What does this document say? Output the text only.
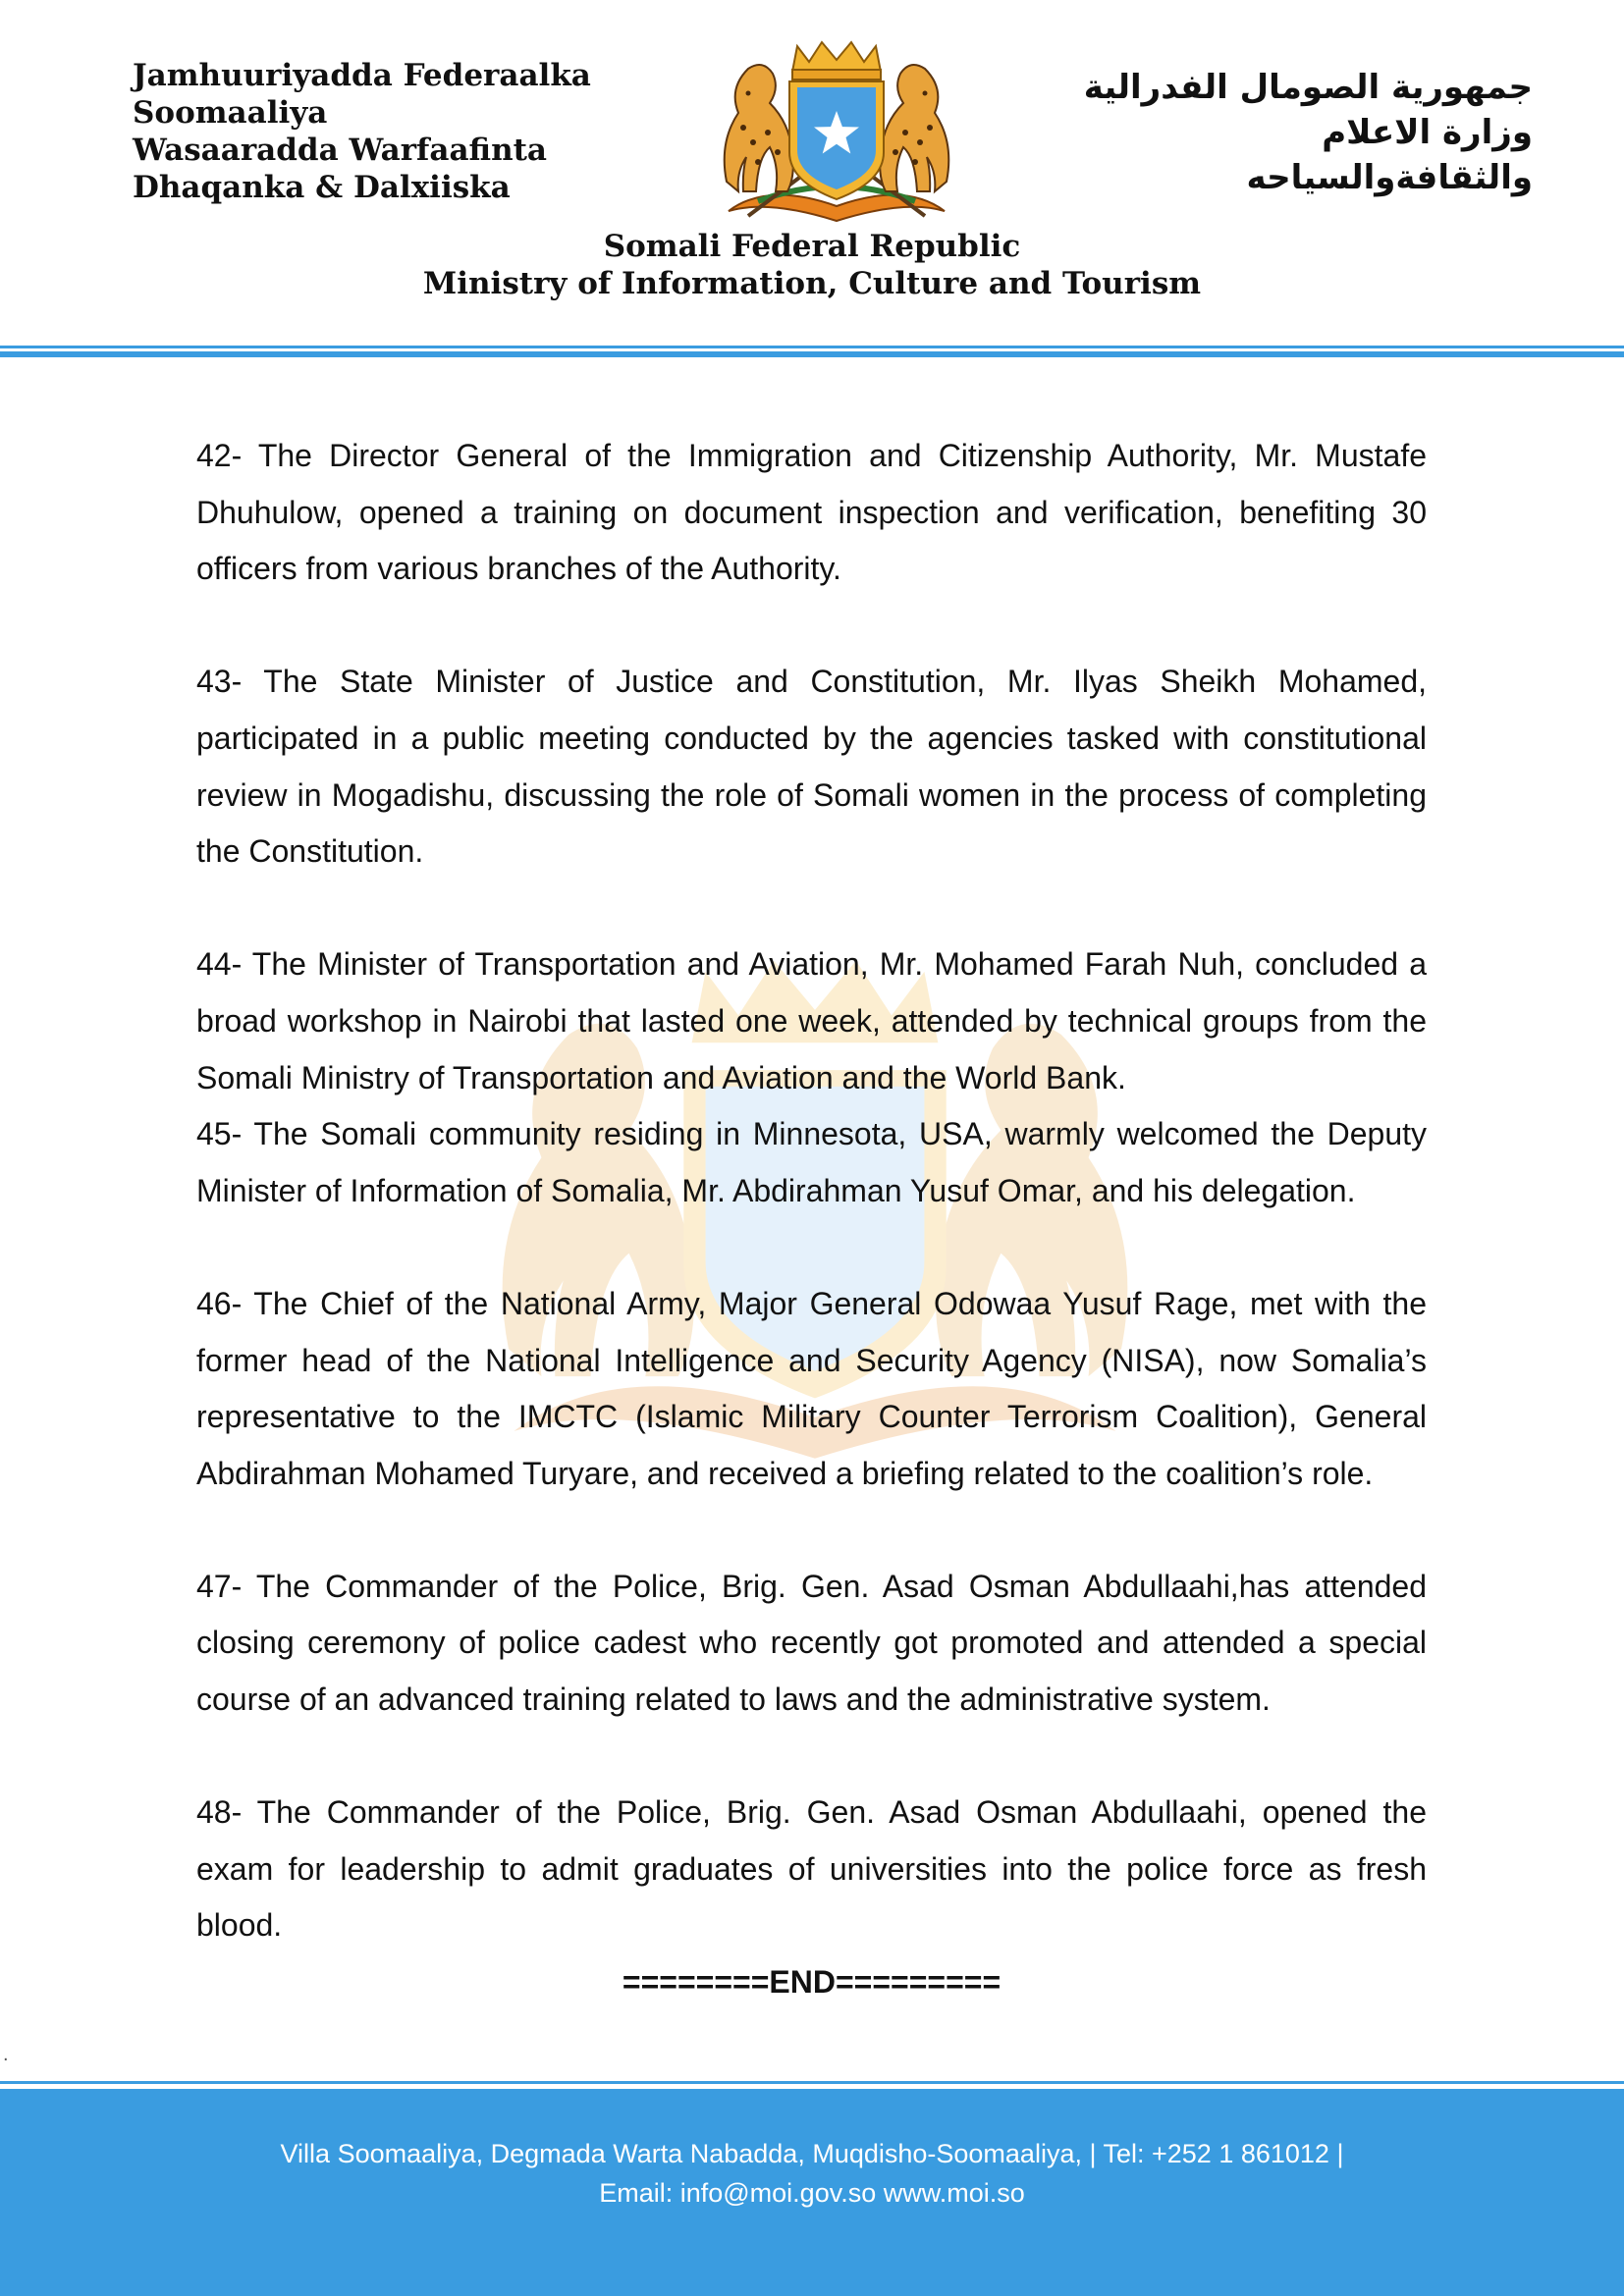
Jamhuuriyadda Federaalka
Soomaaliya
Wasaaradda Warfaafinta
Dhaqanka & Dalxiiska
جمهورية الصومال الفدرالية
وزارة الاعلام
والثقافةوالسياحه
Somali Federal Republic
Ministry of Information, Culture and Tourism

42- The Director General of the Immigration and Citizenship Authority, Mr. Mustafe Dhuhulow, opened a training on document inspection and verification, benefiting 30 officers from various branches of the Authority.

43- The State Minister of Justice and Constitution, Mr. Ilyas Sheikh Mohamed, participated in a public meeting conducted by the agencies tasked with constitutional review in Mogadishu, discussing the role of Somali women in the process of completing the Constitution.

44- The Minister of Transportation and Aviation, Mr. Mohamed Farah Nuh, concluded a broad workshop in Nairobi that lasted one week, attended by technical groups from the Somali Ministry of Transportation and Aviation and the World Bank.

45- The Somali community residing in Minnesota, USA, warmly welcomed the Deputy Minister of Information of Somalia, Mr. Abdirahman Yusuf Omar, and his delegation.

46- The Chief of the National Army, Major General Odowaa Yusuf Rage, met with the former head of the National Intelligence and Security Agency (NISA), now Somalia’s representative to the IMCTC (Islamic Military Counter Terrorism Coalition), General Abdirahman Mohamed Turyare, and received a briefing related to the coalition’s role.

47- The Commander of the Police, Brig. Gen. Asad Osman Abdullaahi,has attended closing ceremony of police cadest who recently got promoted and attended a special course of an advanced training related to laws and the administrative system.

48- The Commander of the Police, Brig. Gen. Asad Osman Abdullaahi, opened the exam for leadership to admit graduates of universities into the police force as fresh blood.

========END=========
.
Villa Soomaaliya, Degmada Warta Nabadda, Muqdisho-Soomaaliya, | Tel: +252 1 861012 |
Email: info@moi.gov.so www.moi.so
